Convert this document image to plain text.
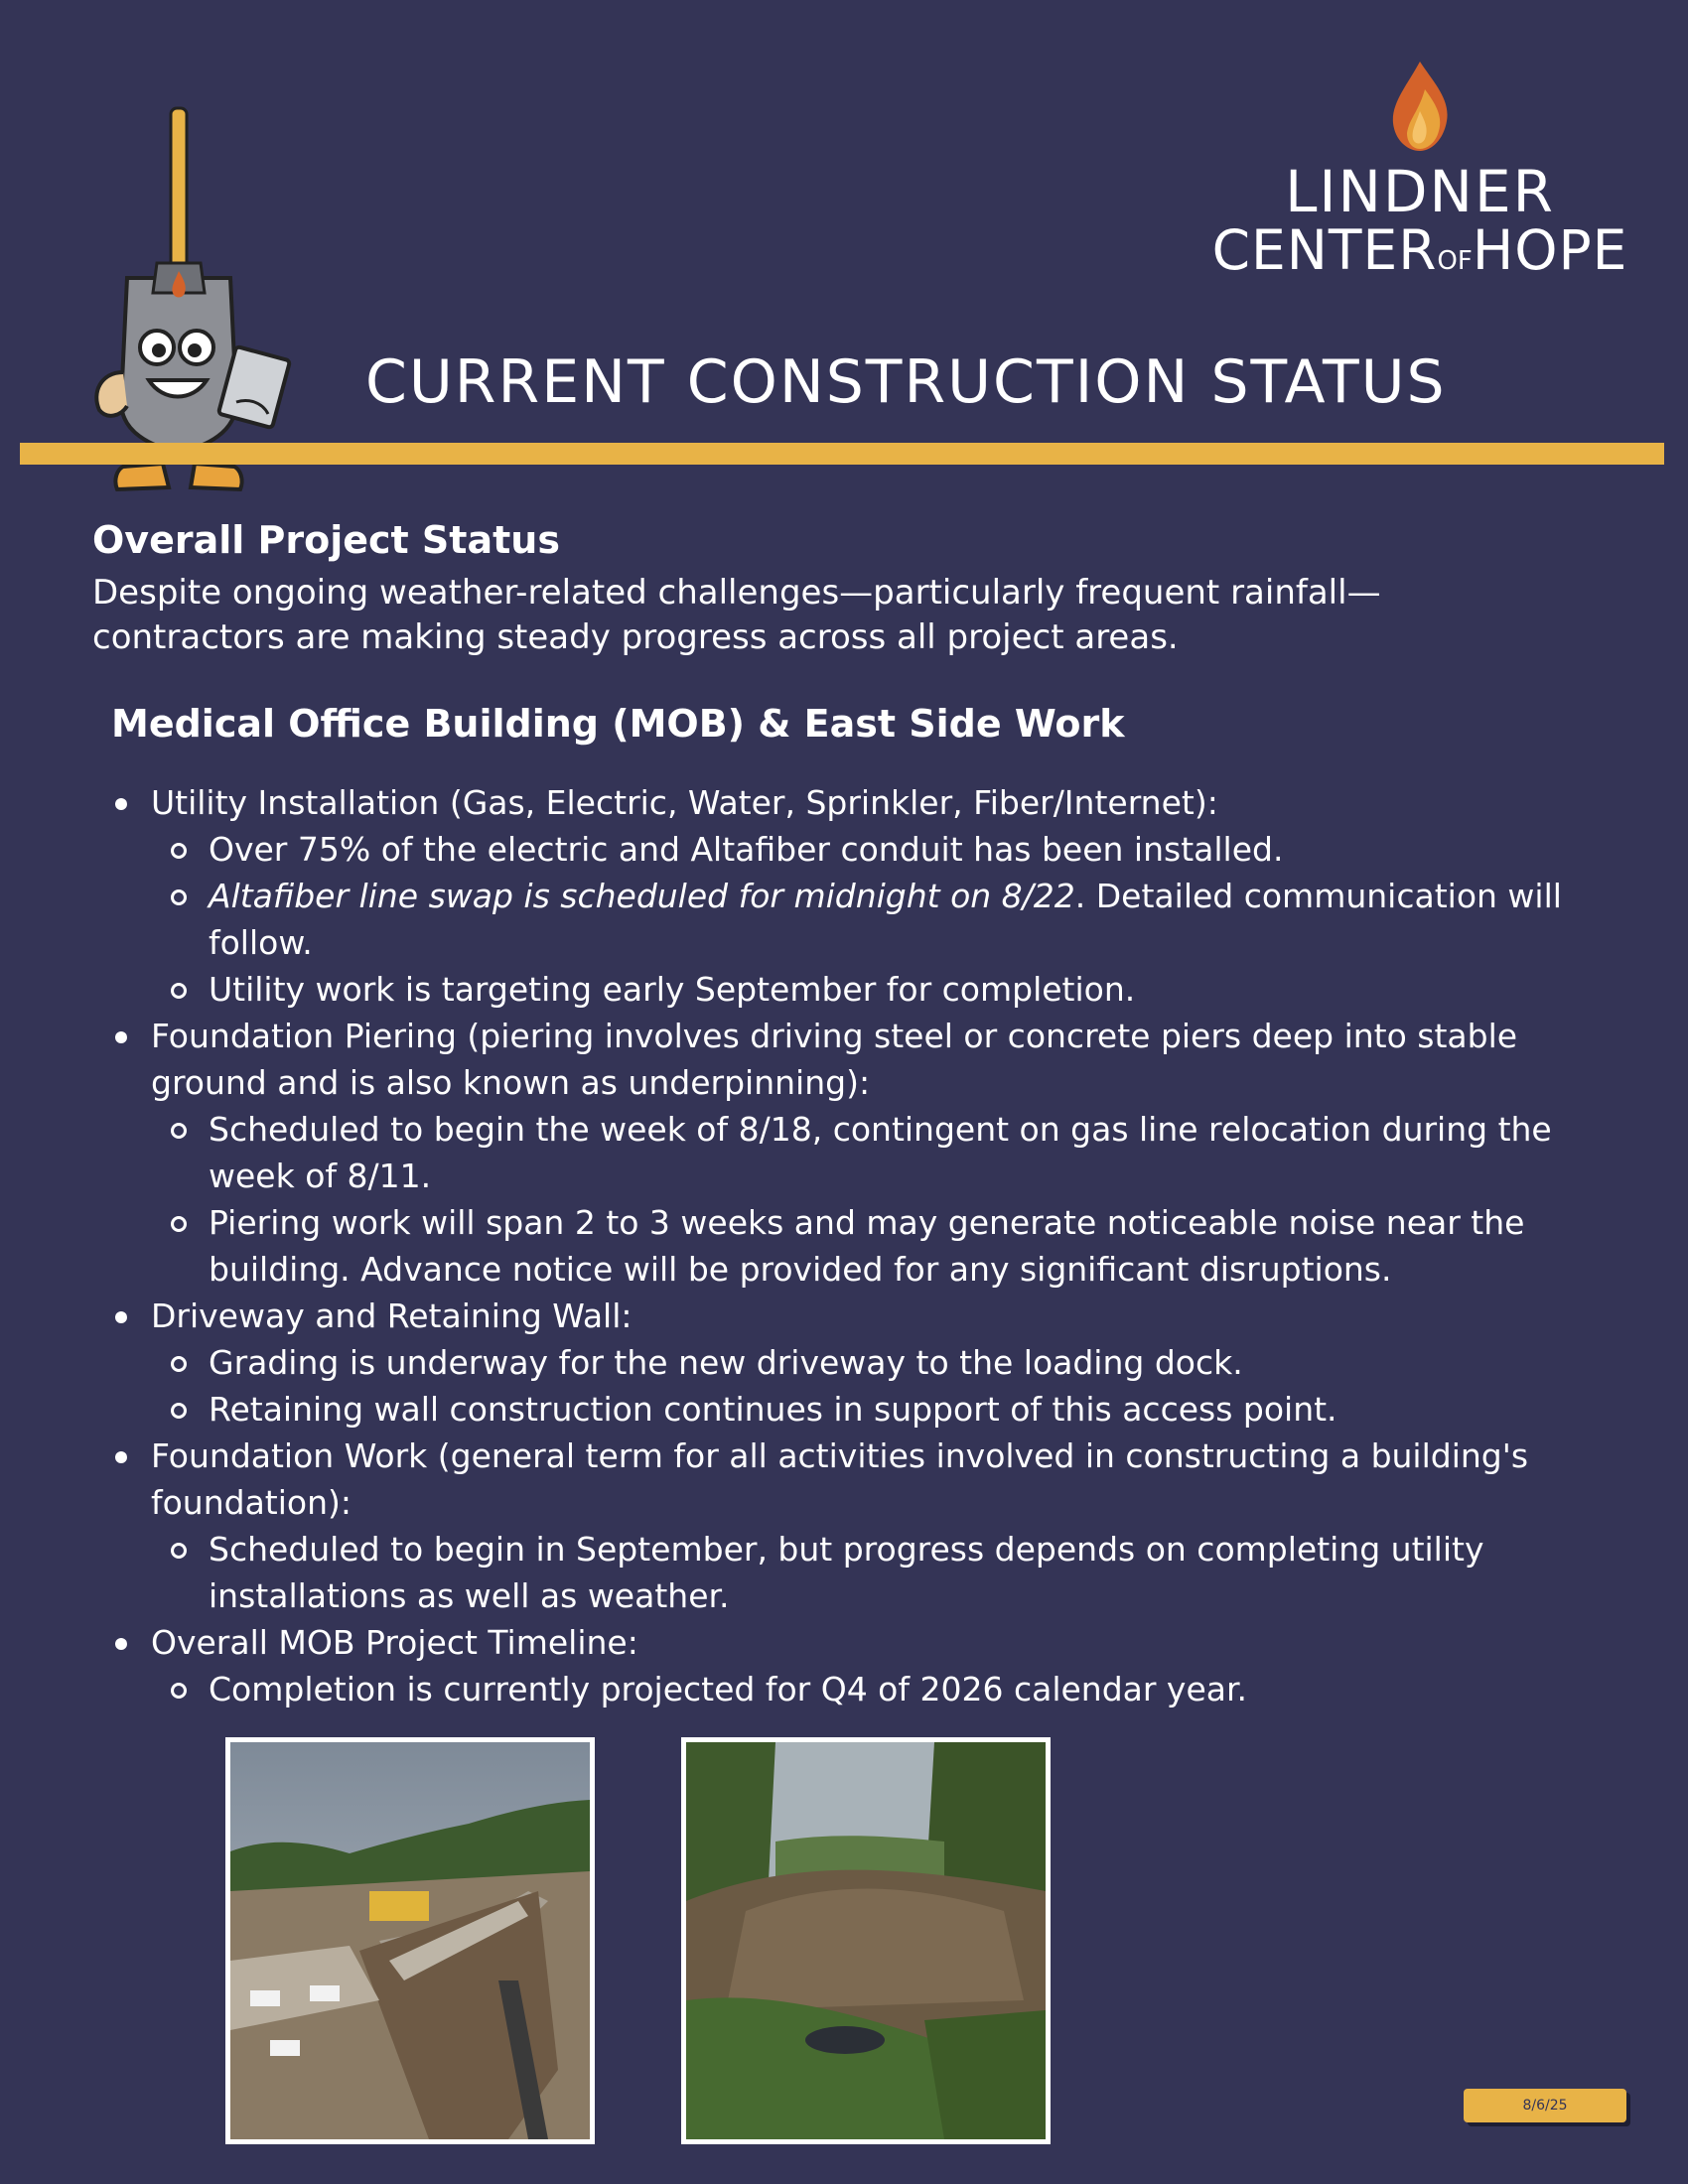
LINDNER
CENTEROFHOPE
CURRENT CONSTRUCTION STATUS
Overall Project Status
Despite ongoing weather-related challenges—particularly frequent rainfall—contractors are making steady progress across all project areas.
Medical Office Building (MOB) & East Side Work
Utility Installation (Gas, Electric, Water, Sprinkler, Fiber/Internet):
Over 75% of the electric and Altafiber conduit has been installed.
Altafiber line swap is scheduled for midnight on 8/22. Detailed communication will follow.
Utility work is targeting early September for completion.
Foundation Piering (piering involves driving steel or concrete piers deep into stable ground and is also known as underpinning):
Scheduled to begin the week of 8/18, contingent on gas line relocation during the week of 8/11.
Piering work will span 2 to 3 weeks and may generate noticeable noise near the building. Advance notice will be provided for any significant disruptions.
Driveway and Retaining Wall:
Grading is underway for the new driveway to the loading dock.
Retaining wall construction continues in support of this access point.
Foundation Work (general term for all activities involved in constructing a building's foundation):
Scheduled to begin in September, but progress depends on completing utility installations as well as weather.
Overall MOB Project Timeline:
Completion is currently projected for Q4 of 2026 calendar year.
8/6/25
